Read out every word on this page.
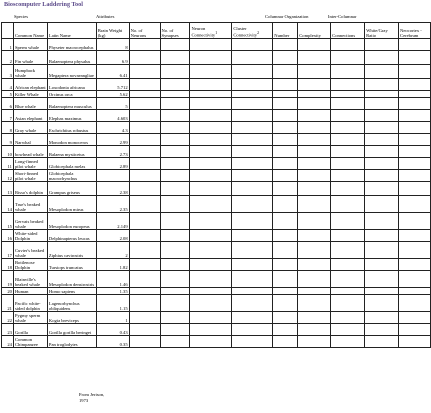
Bioscomputer Laddering Tool
Species	Attributes	Columnar Organization	Inter-Columnar
	Common Name	Latin Name	Brain Weight (kg)	No. of Neurons	No. of Synapses	Neuron Connectivity$^1$	Cluster Connectivity$^2$	Number	Complexity	Connections	White/Gray Ratio	Neocortex - Cerebrum
1	Sperm whale	Physeter macrocephalus	8									
2	Fin whale	Balaenoptera physalus	6.9									
3	Humpback whale	Megaptera novaeangliae	6.41									
4	African elephant	Loxodonta africana	5.712									
5	Killer Whale	Orcinus orca	5.62									
6	Blue whale	Balaenoptera musculus	5									
7	Asian elephant	Elephas maximus	4.603									
8	Gray whale	Eschrichtius robustus	4.3									
9	Narwhal	Monodon monoceros	2.99									
10	bowhead whale	Balaena mysticetus	2.73									
11	Long-finned pilot whale	Globicephala melas	2.89									
12	Short-finned pilot whale	Globicephala macrorhynchus										
13	Risso's dolphin	Grampus griseus	2.38									
14	True's beaked whale	Mesoplodon mirus	2.35									
15	Gervais beaked whale	Mesoplodon europeus	2.149									
16	White-sided Dolphin	Delphinapterus leucas	2.08									
17	Cuvier's beaked whale	Ziphius cavirostris	2									
18	Bottlenose Dolphin	Tursiops truncatus	1.82									
19	Blainville's beaked whale	Mesoplodon densirostris	1.46									
20	Human	Homo sapiens	1.35									
21	Pacific white-sided dolphin	Lagenorhynchus obliquidens	1.15									
22	Pygmy sperm whale	Kogia breviceps	1									
23	Gorilla	Gorilla gorilla beringei	0.43									
24	Common Chimpanzee	Pan troglodytes	0.35									
From Jerison,
1973
